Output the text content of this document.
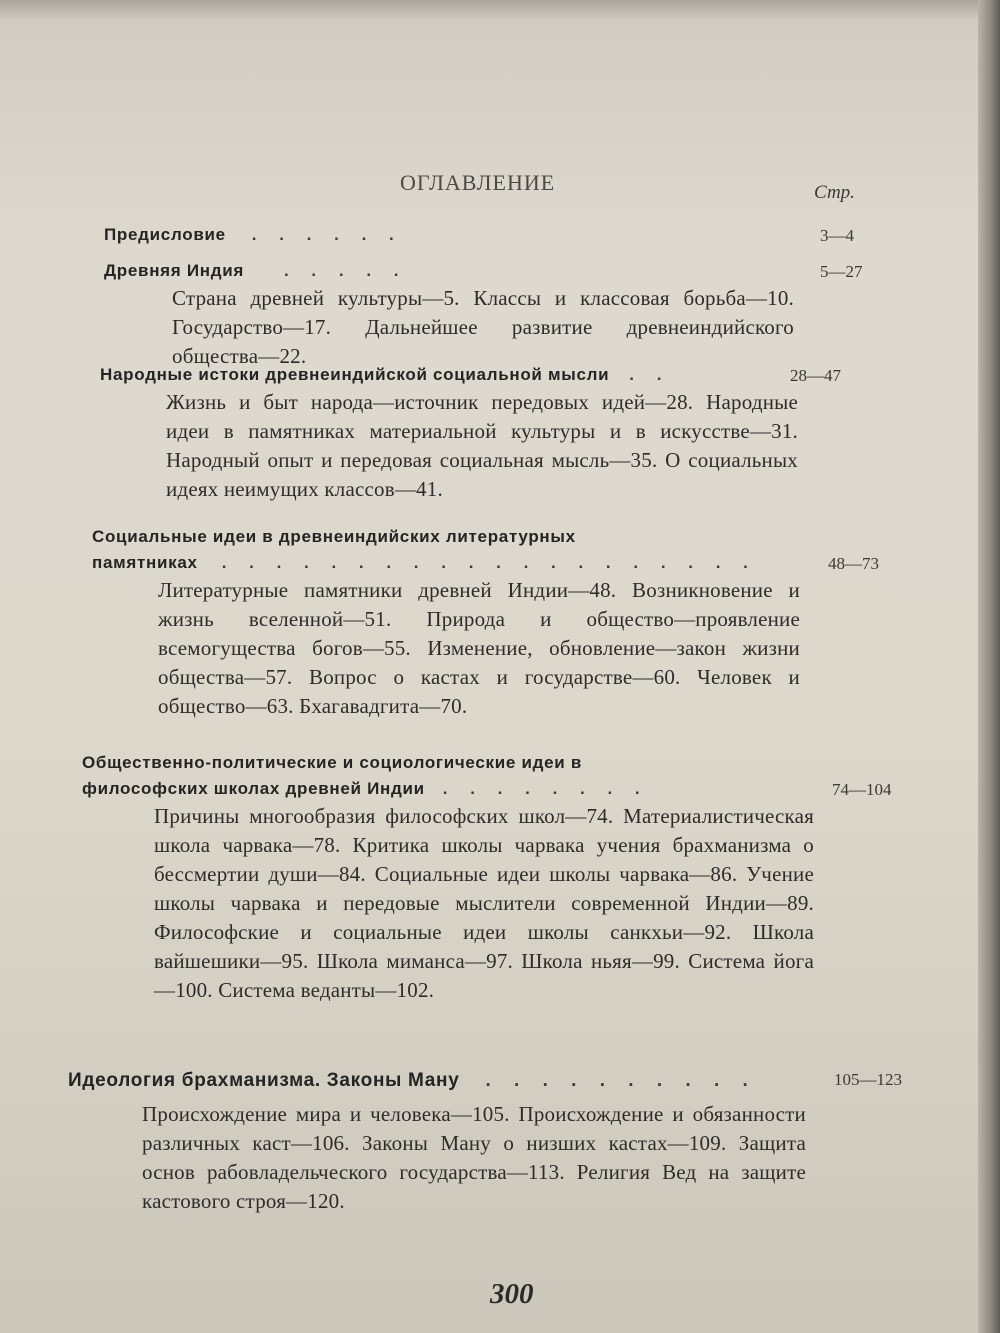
ОГЛАВЛЕНИЕ	Стр.
Предисловие . . . . . .	3—4
Древняя Индия . . . . .	5—27
Страна древней культуры—5. Классы и классовая борьба—10. Государство—17. Дальнейшее развитие древнеиндийского общества—22.
Народные истоки древнеиндийской социальной мысли . .	28—47
Жизнь и быт народа—источник передовых идей—28. Народные идеи в памятниках материальной культуры и в искусстве—31. Народный опыт и передовая социальная мысль—35. О социальных идеях неимущих классов—41.
Социальные идеи в древнеиндийских литературных
памятниках . . . . . . . . . . . . . . . . . . . .	48—73
Литературные памятники древней Индии—48. Возникновение и жизнь вселенной—51. Природа и общество—проявление всемогущества богов—55. Изменение, обновление—закон жизни общества—57. Вопрос о кастах и государстве—60. Человек и общество—63. Бхагавадгита—70.
Общественно-политические и социологические идеи в
философских школах древней Индии . . . . . . . .	74—104
Причины многообразия философских школ—74. Материалистическая школа чарвака—78. Критика школы чарвака учения брахманизма о бессмертии души—84. Социальные идеи школы чарвака—86. Учение школы чарвака и передовые мыслители современной Индии—89. Философские и социальные идеи школы санкхьи—92. Школа вайшешики—95. Школа миманса—97. Школа ньяя—99. Система йога—100. Система веданты—102.
Идеология брахманизма. Законы Ману . . . . . . . . . .	105—123
Происхождение мира и человека—105. Происхождение и обязанности различных каст—106. Законы Ману о низших кастах—109. Защита основ рабовладельческого государства—113. Религия Вед на защите кастового строя—120.
300
